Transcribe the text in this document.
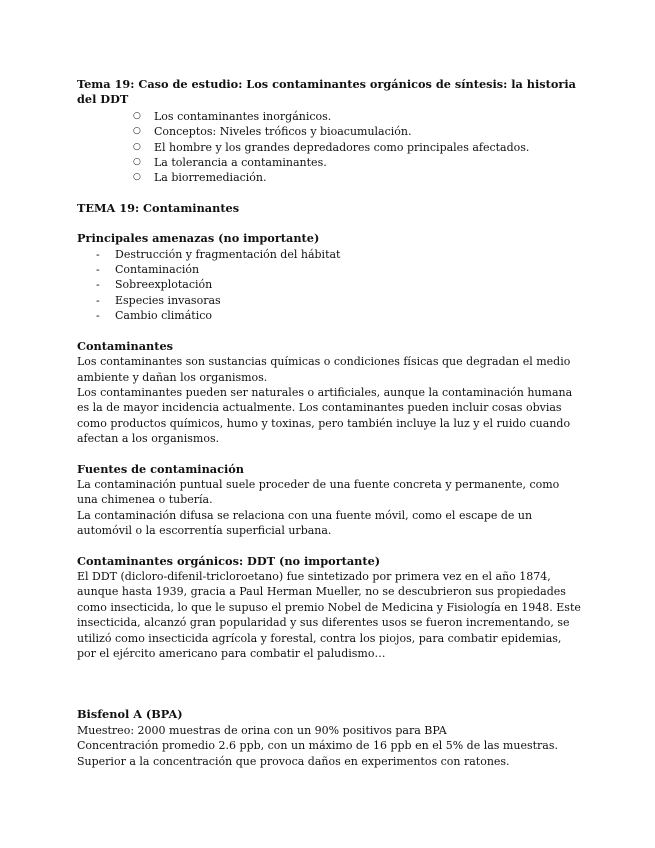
Tema 19: Caso de estudio: Los contaminantes orgánicos de síntesis: la historia del DDT

○ Los contaminantes inorgánicos.
○ Conceptos: Niveles tróficos y bioacumulación.
○ El hombre y los grandes depredadores como principales afectados.
○ La tolerancia a contaminantes.
○ La biorremediación.

TEMA 19: Contaminantes

Principales amenazas (no importante)

- Destrucción y fragmentación del hábitat
- Contaminación
- Sobreexplotación
- Especies invasoras
- Cambio climático

Contaminantes

Los contaminantes son sustancias químicas o condiciones físicas que degradan el medio ambiente y dañan los organismos.

Los contaminantes pueden ser naturales o artificiales, aunque la contaminación humana es la de mayor incidencia actualmente. Los contaminantes pueden incluir cosas obvias como productos químicos, humo y toxinas, pero también incluye la luz y el ruido cuando afectan a los organismos.

Fuentes de contaminación

La contaminación puntual suele proceder de una fuente concreta y permanente, como una chimenea o tubería.

La contaminación difusa se relaciona con una fuente móvil, como el escape de un automóvil o la escorrentía superficial urbana.

Contaminantes orgánicos: DDT (no importante)

El DDT (dicloro-difenil-tricloroetano) fue sintetizado por primera vez en el año 1874, aunque hasta 1939, gracia a Paul Herman Mueller, no se descubrieron sus propiedades como insecticida, lo que le supuso el premio Nobel de Medicina y Fisiología en 1948. Este insecticida, alcanzó gran popularidad y sus diferentes usos se fueron incrementando, se utilizó como insecticida agrícola y forestal, contra los piojos, para combatir epidemias, por el ejército americano para combatir el paludismo…

Bisfenol A (BPA)

Muestreo: 2000 muestras de orina con un 90% positivos para BPA

Concentración promedio 2.6 ppb, con un máximo de 16 ppb en el 5% de las muestras. Superior a la concentración que provoca daños en experimentos con ratones.
